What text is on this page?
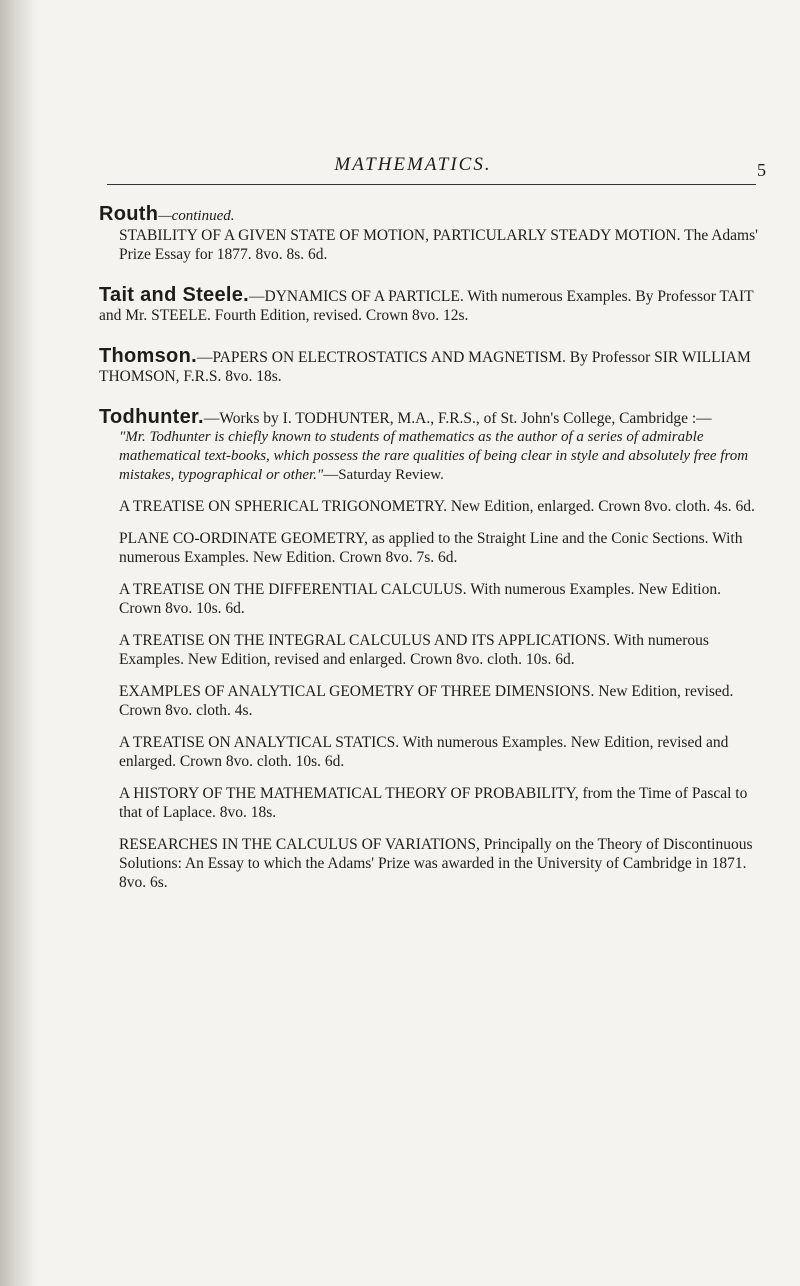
MATHEMATICS.	5
Routh—continued.
STABILITY OF A GIVEN STATE OF MOTION, PARTICULARLY STEADY MOTION. The Adams' Prize Essay for 1877. 8vo. 8s. 6d.
Tait and Steele.—DYNAMICS OF A PARTICLE. With numerous Examples. By Professor TAIT and Mr. STEELE. Fourth Edition, revised. Crown 8vo. 12s.
Thomson.—PAPERS ON ELECTROSTATICS AND MAGNETISM. By Professor SIR WILLIAM THOMSON, F.R.S. 8vo. 18s.
Todhunter.—Works by I. TODHUNTER, M.A., F.R.S., of St. John's College, Cambridge :—
"Mr. Todhunter is chiefly known to students of mathematics as the author of a series of admirable mathematical text-books, which possess the rare qualities of being clear in style and absolutely free from mistakes, typographical or other."—Saturday Review.
A TREATISE ON SPHERICAL TRIGONOMETRY. New Edition, enlarged. Crown 8vo. cloth. 4s. 6d.
PLANE CO-ORDINATE GEOMETRY, as applied to the Straight Line and the Conic Sections. With numerous Examples. New Edition. Crown 8vo. 7s. 6d.
A TREATISE ON THE DIFFERENTIAL CALCULUS. With numerous Examples. New Edition. Crown 8vo. 10s. 6d.
A TREATISE ON THE INTEGRAL CALCULUS AND ITS APPLICATIONS. With numerous Examples. New Edition, revised and enlarged. Crown 8vo. cloth. 10s. 6d.
EXAMPLES OF ANALYTICAL GEOMETRY OF THREE DIMENSIONS. New Edition, revised. Crown 8vo. cloth. 4s.
A TREATISE ON ANALYTICAL STATICS. With numerous Examples. New Edition, revised and enlarged. Crown 8vo. cloth. 10s. 6d.
A HISTORY OF THE MATHEMATICAL THEORY OF PROBABILITY, from the Time of Pascal to that of Laplace. 8vo. 18s.
RESEARCHES IN THE CALCULUS OF VARIATIONS, Principally on the Theory of Discontinuous Solutions: An Essay to which the Adams' Prize was awarded in the University of Cambridge in 1871. 8vo. 6s.
